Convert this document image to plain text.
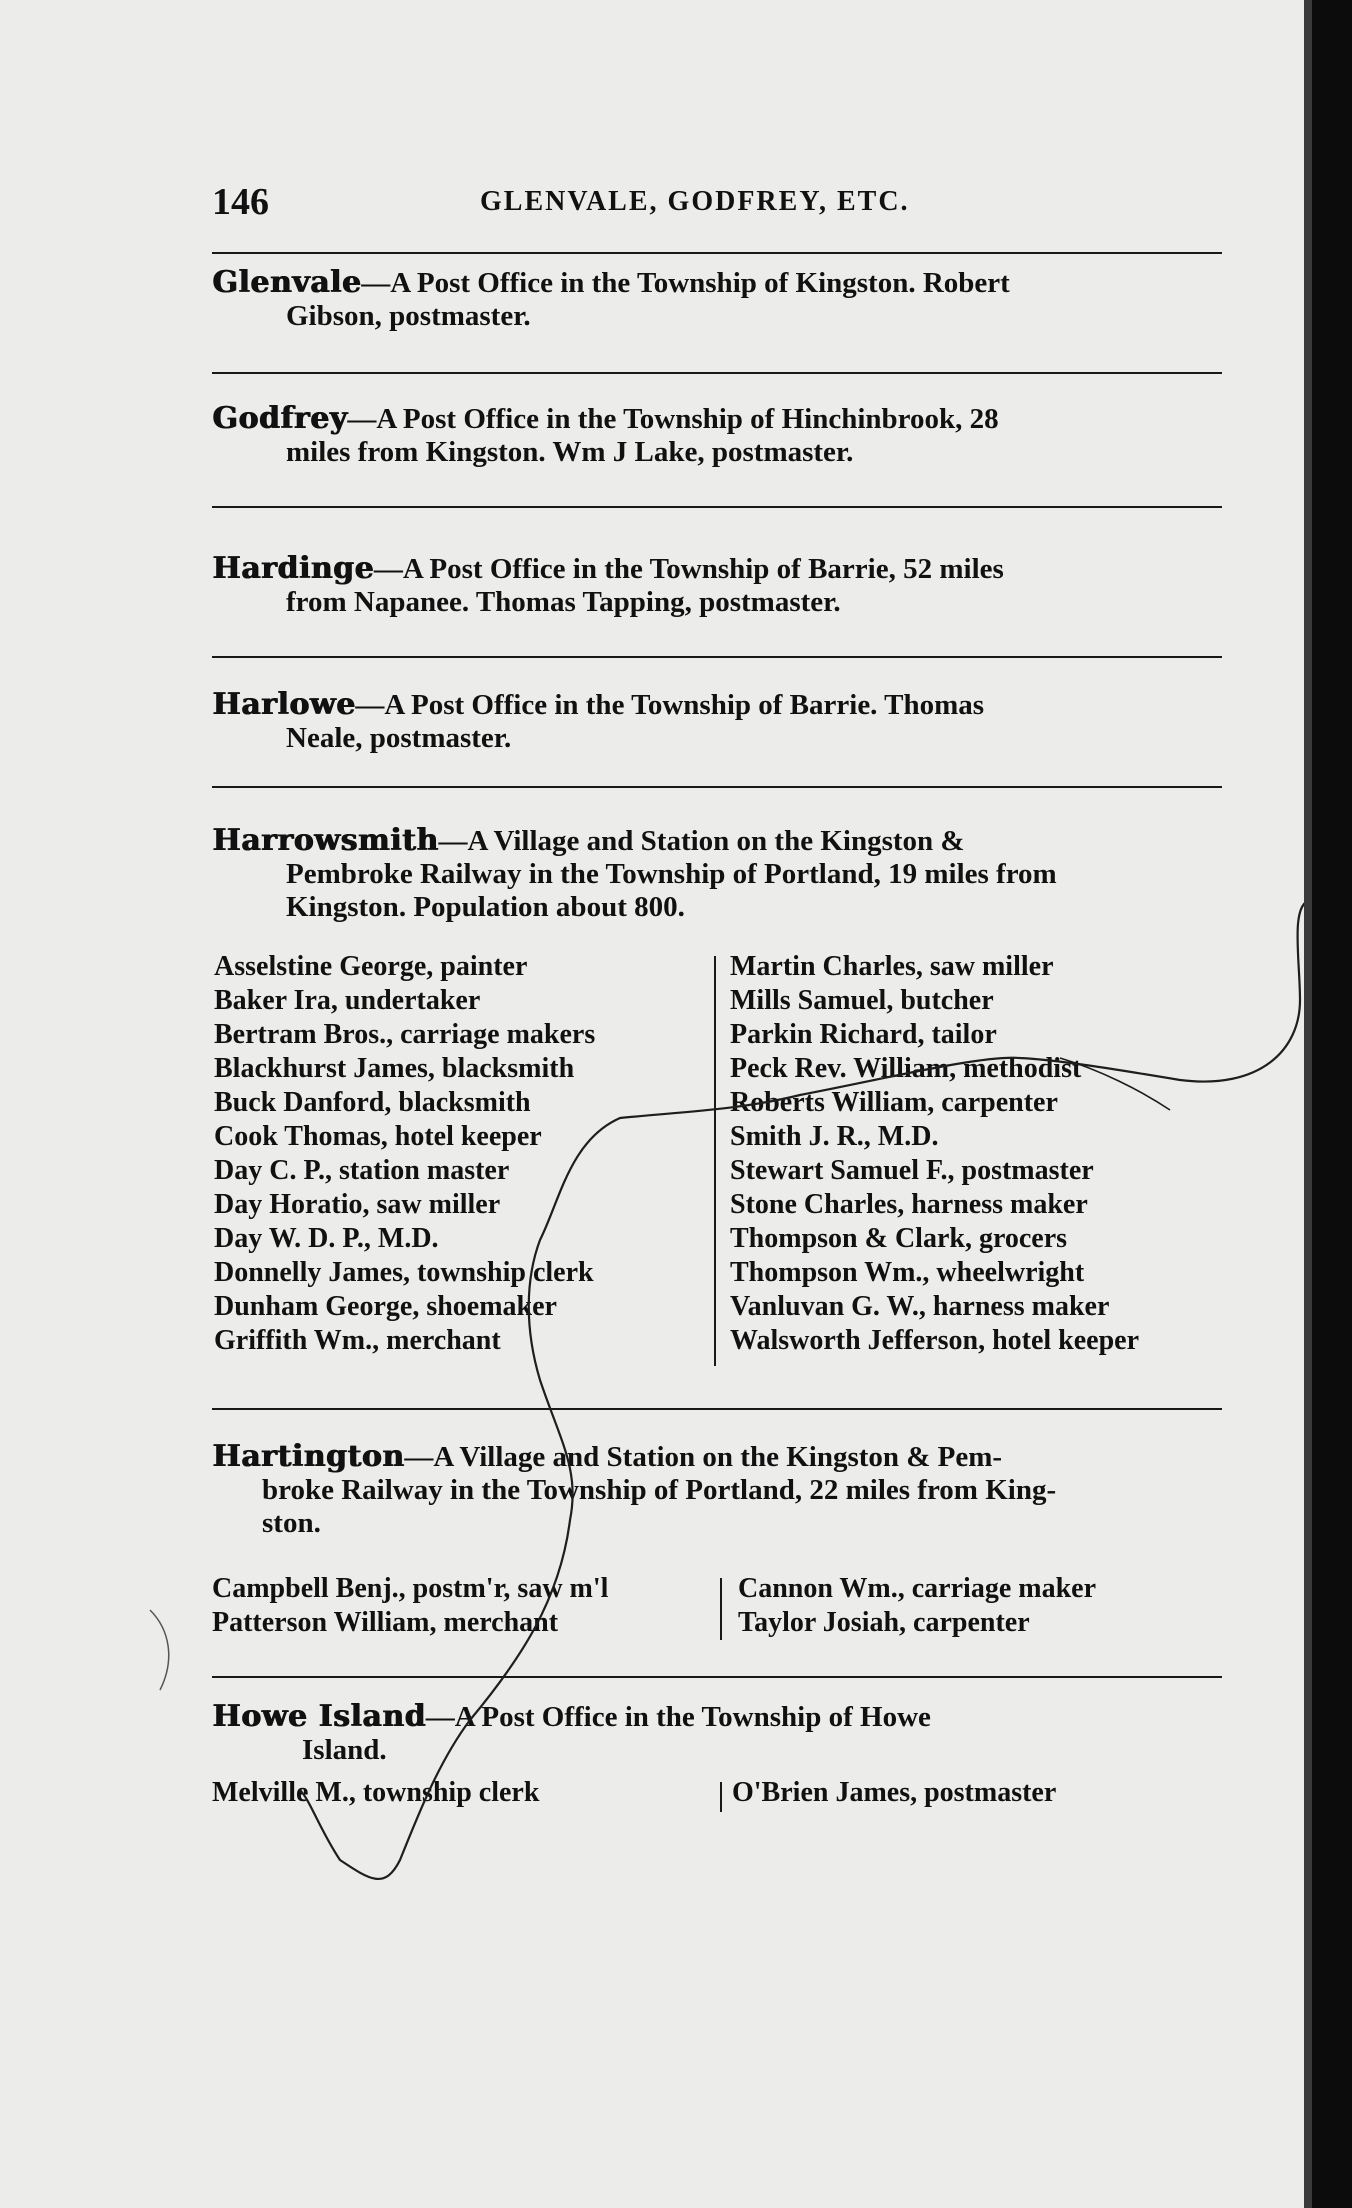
146	GLENVALE, GODFREY, ETC.
Glenvale—A Post Office in the Township of Kingston. Robert
Gibson, postmaster.
Godfrey—A Post Office in the Township of Hinchinbrook, 28
miles from Kingston. Wm J Lake, postmaster.
Hardinge—A Post Office in the Township of Barrie, 52 miles
from Napanee. Thomas Tapping, postmaster.
Harlowe—A Post Office in the Township of Barrie. Thomas
Neale, postmaster.
Harrowsmith—A Village and Station on the Kingston &
Pembroke Railway in the Township of Portland, 19 miles from
Kingston. Population about 800.
Asselstine George, painter
Baker Ira, undertaker
Bertram Bros., carriage makers
Blackhurst James, blacksmith
Buck Danford, blacksmith
Cook Thomas, hotel keeper
Day C. P., station master
Day Horatio, saw miller
Day W. D. P., M.D.
Donnelly James, township clerk
Dunham George, shoemaker
Griffith Wm., merchant
Martin Charles, saw miller
Mills Samuel, butcher
Parkin Richard, tailor
Peck Rev. William, methodist
Roberts William, carpenter
Smith J. R., M.D.
Stewart Samuel F., postmaster
Stone Charles, harness maker
Thompson & Clark, grocers
Thompson Wm., wheelwright
Vanluvan G. W., harness maker
Walsworth Jefferson, hotel keeper
Hartington—A Village and Station on the Kingston & Pem-
broke Railway in the Township of Portland, 22 miles from King-
ston.
Campbell Benj., postm'r, saw m'l
Patterson William, merchant
Cannon Wm., carriage maker
Taylor Josiah, carpenter
Howe Island—A Post Office in the Township of Howe
Island.
Melville M., township clerk	O'Brien James, postmaster
